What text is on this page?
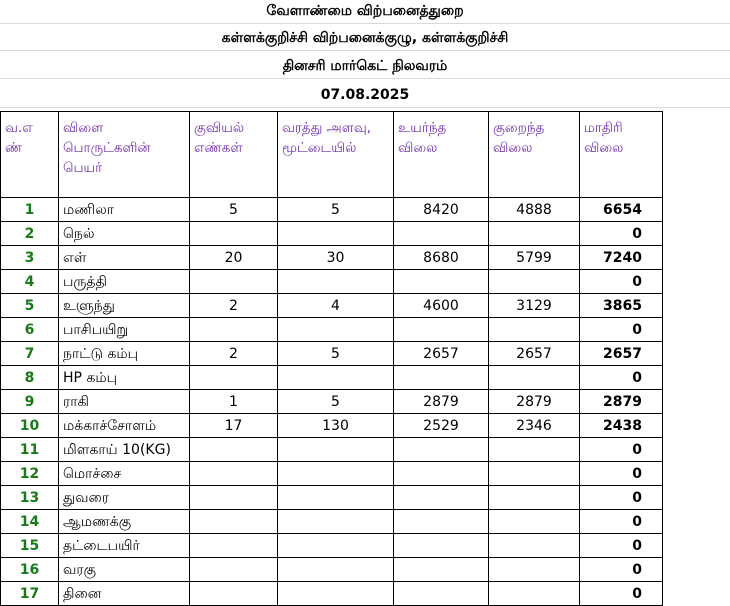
வேளாண்மை விற்பனைத்துறை
கள்ளக்குறிச்சி விற்பனைக்குழு, கள்ளக்குறிச்சி
தினசரி மார்கெட் நிலவரம்
07.08.2025
வ.எ ண்	விளை பொருட்களின் பெயர்	குவியல் எண்கள்	வரத்து அளவு, மூட்டையில்	உயர்ந்த விலை	குறைந்த விலை	மாதிரி விலை
1	மணிலா	5	5	8420	4888	6654
2	நெல்					0
3	எள்	20	30	8680	5799	7240
4	பருத்தி					0
5	உளுந்து	2	4	4600	3129	3865
6	பாசிபயிறு					0
7	நாட்டு கம்பு	2	5	2657	2657	2657
8	HP கம்பு					0
9	ராகி	1	5	2879	2879	2879
10	மக்காச்சோளம்	17	130	2529	2346	2438
11	மிளகாய் 10(KG)					0
12	மொச்சை					0
13	துவரை					0
14	ஆமணக்கு					0
15	தட்டைபயிர்					0
16	வரகு					0
17	தினை					0
